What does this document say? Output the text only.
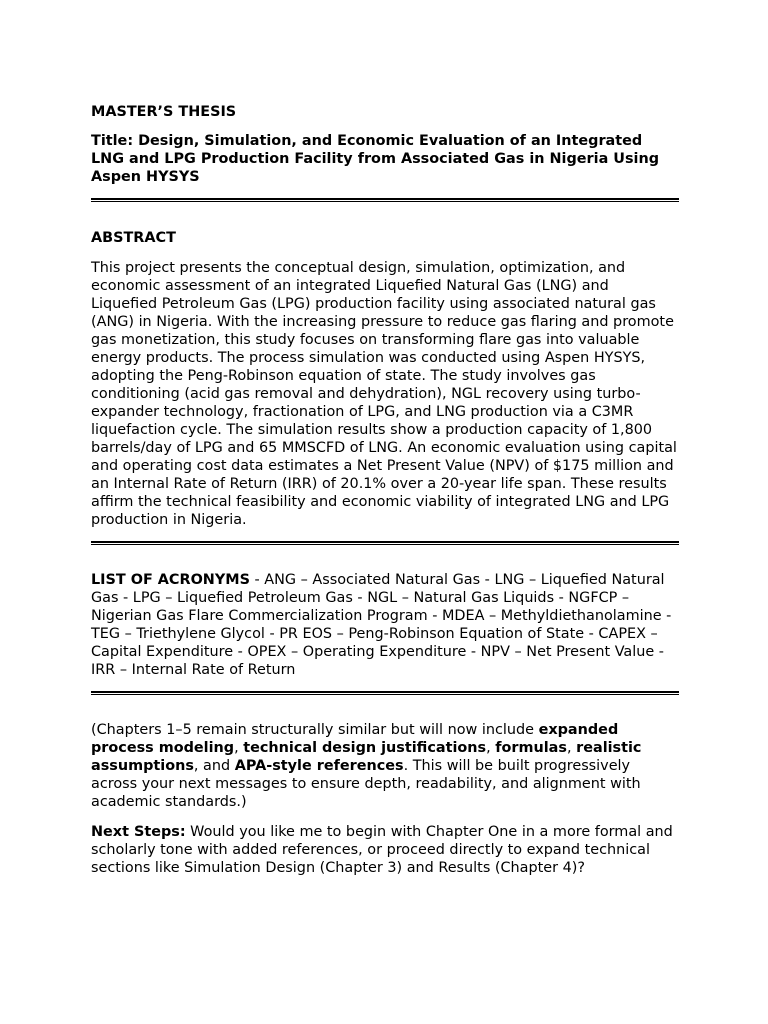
MASTER’S THESIS

Title: Design, Simulation, and Economic Evaluation of an Integrated LNG and LPG Production Facility from Associated Gas in Nigeria Using Aspen HYSYS

ABSTRACT

This project presents the conceptual design, simulation, optimization, and economic assessment of an integrated Liquefied Natural Gas (LNG) and Liquefied Petroleum Gas (LPG) production facility using associated natural gas (ANG) in Nigeria. With the increasing pressure to reduce gas flaring and promote gas monetization, this study focuses on transforming flare gas into valuable energy products. The process simulation was conducted using Aspen HYSYS, adopting the Peng-Robinson equation of state. The study involves gas conditioning (acid gas removal and dehydration), NGL recovery using turbo-expander technology, fractionation of LPG, and LNG production via a C3MR liquefaction cycle. The simulation results show a production capacity of 1,800 barrels/day of LPG and 65 MMSCFD of LNG. An economic evaluation using capital and operating cost data estimates a Net Present Value (NPV) of $175 million and an Internal Rate of Return (IRR) of 20.1% over a 20-year life span. These results affirm the technical feasibility and economic viability of integrated LNG and LPG production in Nigeria.

LIST OF ACRONYMS - ANG – Associated Natural Gas - LNG – Liquefied Natural Gas - LPG – Liquefied Petroleum Gas - NGL – Natural Gas Liquids - NGFCP – Nigerian Gas Flare Commercialization Program - MDEA – Methyldiethanolamine - TEG – Triethylene Glycol - PR EOS – Peng-Robinson Equation of State - CAPEX – Capital Expenditure - OPEX – Operating Expenditure - NPV – Net Present Value - IRR – Internal Rate of Return

(Chapters 1–5 remain structurally similar but will now include expanded process modeling, technical design justifications, formulas, realistic assumptions, and APA-style references. This will be built progressively across your next messages to ensure depth, readability, and alignment with academic standards.)

Next Steps: Would you like me to begin with Chapter One in a more formal and scholarly tone with added references, or proceed directly to expand technical sections like Simulation Design (Chapter 3) and Results (Chapter 4)?
